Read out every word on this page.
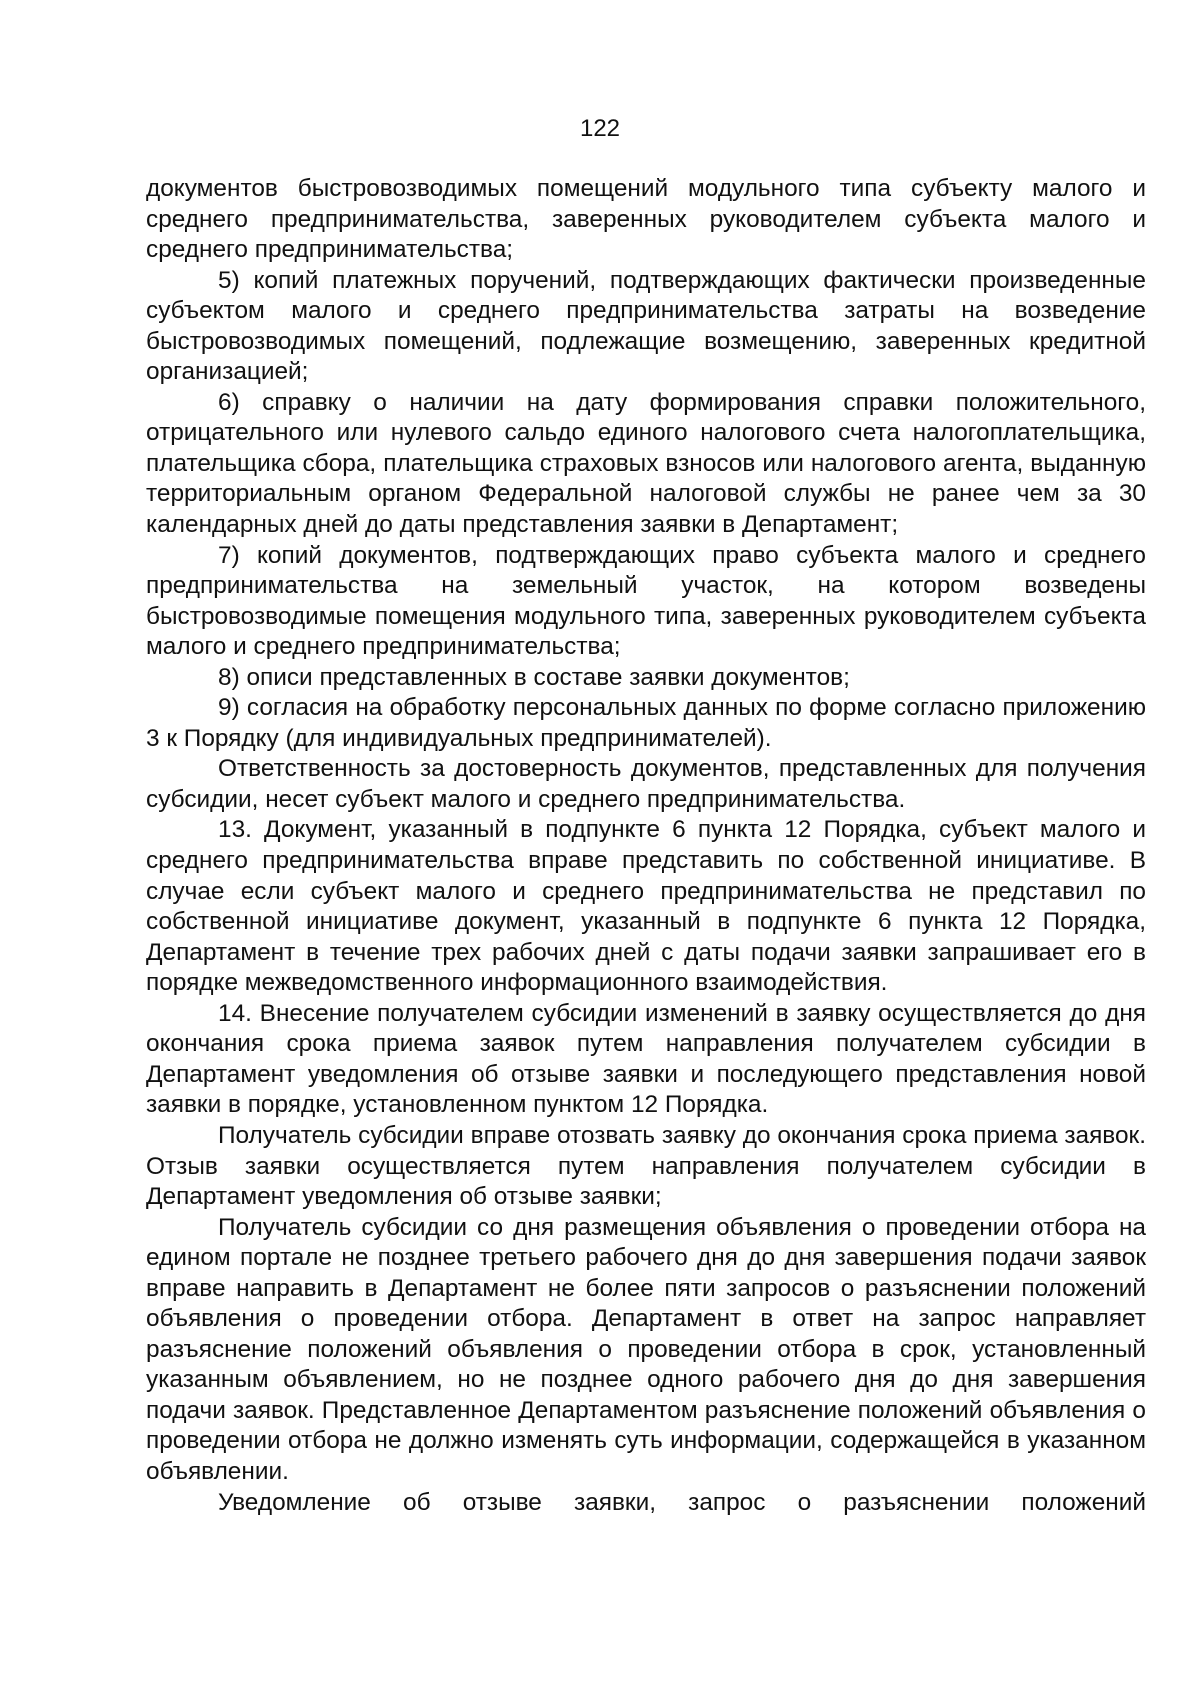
122

документов быстровозводимых помещений модульного типа субъекту малого и среднего предпринимательства, заверенных руководителем субъекта малого и среднего предпринимательства;

5) копий платежных поручений, подтверждающих фактически произведенные субъектом малого и среднего предпринимательства затраты на возведение быстровозводимых помещений, подлежащие возмещению, заверенных кредитной организацией;

6) справку о наличии на дату формирования справки положительного, отрицательного или нулевого сальдо единого налогового счета налогоплательщика, плательщика сбора, плательщика страховых взносов или налогового агента, выданную территориальным органом Федеральной налоговой службы не ранее чем за 30 календарных дней до даты представления заявки в Департамент;

7) копий документов, подтверждающих право субъекта малого и среднего предпринимательства на земельный участок, на котором возведены быстровозводимые помещения модульного типа, заверенных руководителем субъекта малого и среднего предпринимательства;

8) описи представленных в составе заявки документов;

9) согласия на обработку персональных данных по форме согласно приложению 3 к Порядку (для индивидуальных предпринимателей).

Ответственность за достоверность документов, представленных для получения субсидии, несет субъект малого и среднего предпринимательства.

13. Документ, указанный в подпункте 6 пункта 12 Порядка, субъект малого и среднего предпринимательства вправе представить по собственной инициативе. В случае если субъект малого и среднего предпринимательства не представил по собственной инициативе документ, указанный в подпункте 6 пункта 12 Порядка, Департамент в течение трех рабочих дней с даты подачи заявки запрашивает его в порядке межведомственного информационного взаимодействия.

14. Внесение получателем субсидии изменений в заявку осуществляется до дня окончания срока приема заявок путем направления получателем субсидии в Департамент уведомления об отзыве заявки и последующего представления новой заявки в порядке, установленном пунктом 12 Порядка.

Получатель субсидии вправе отозвать заявку до окончания срока приема заявок. Отзыв заявки осуществляется путем направления получателем субсидии в Департамент уведомления об отзыве заявки;

Получатель субсидии со дня размещения объявления о проведении отбора на едином портале не позднее третьего рабочего дня до дня завершения подачи заявок вправе направить в Департамент не более пяти запросов о разъяснении положений объявления о проведении отбора. Департамент в ответ на запрос направляет разъяснение положений объявления о проведении отбора в срок, установленный указанным объявлением, но не позднее одного рабочего дня до дня завершения подачи заявок. Представленное Департаментом разъяснение положений объявления о проведении отбора не должно изменять суть информации, содержащейся в указанном объявлении.

Уведомление об отзыве заявки, запрос о разъяснении положений
